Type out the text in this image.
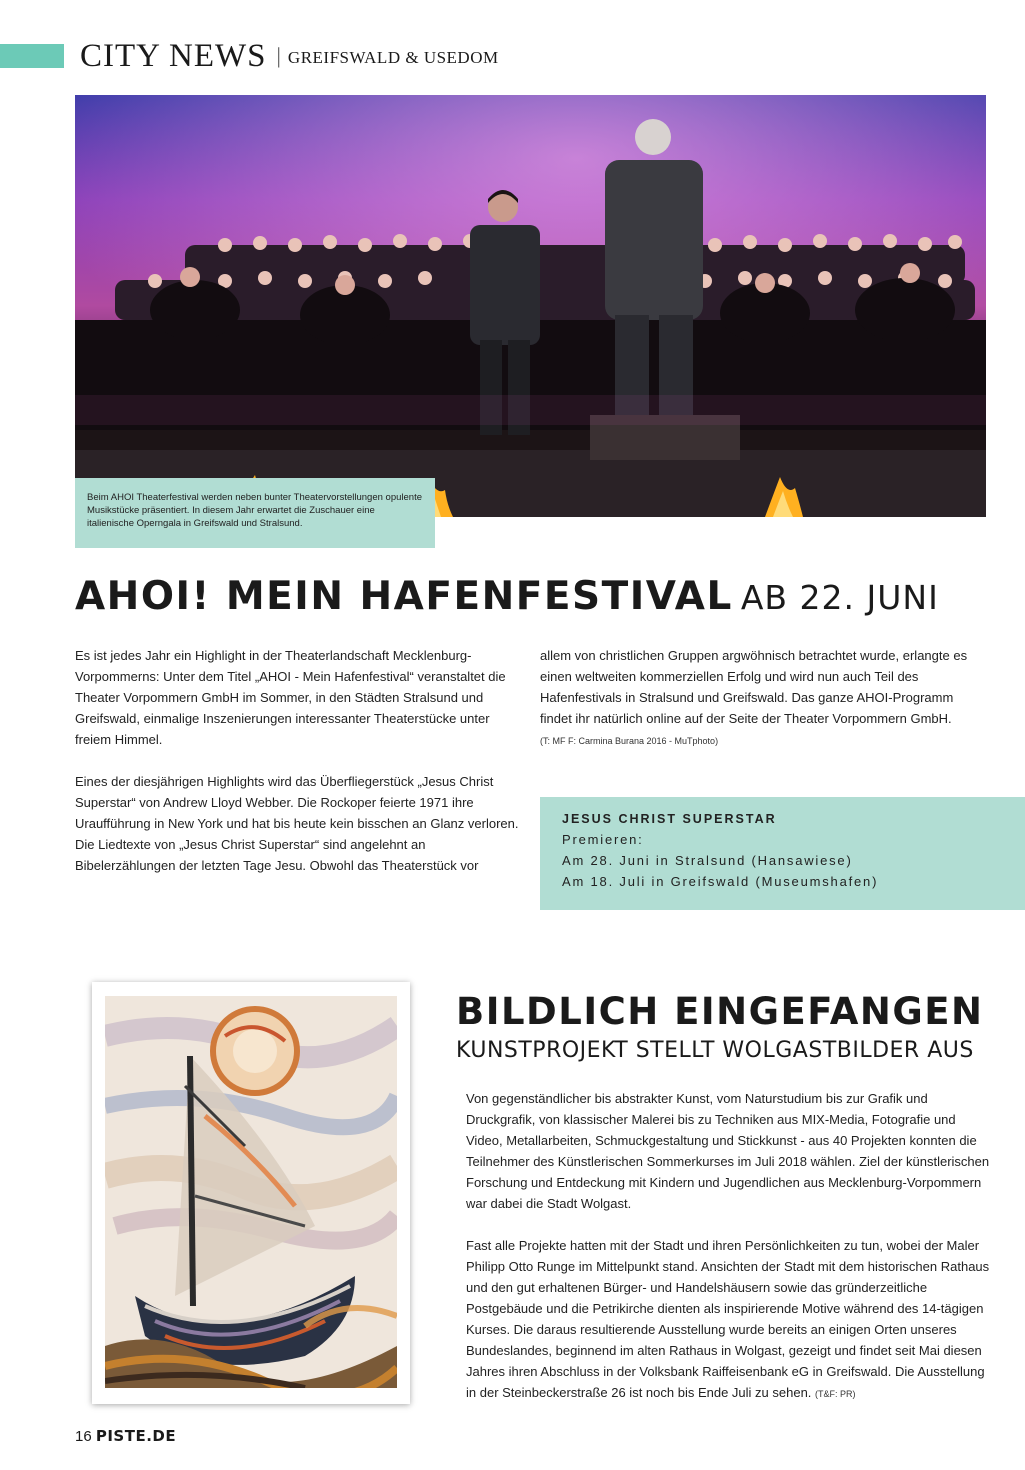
CITY NEWS | GREIFSWALD & USEDOM
Beim AHOI Theaterfestival werden neben bunter Theatervorstellungen opulente Musikstücke präsentiert. In diesem Jahr erwartet die Zuschauer eine italienische Operngala in Greifswald und Stralsund.
AHOI! MEIN HAFENFESTIVAL AB 22. JUNI

Es ist jedes Jahr ein Highlight in der Theaterlandschaft Mecklenburg-Vorpommerns: Unter dem Titel „AHOI - Mein Hafenfestival“ veranstaltet die Theater Vorpommern GmbH im Sommer, in den Städten Stralsund und Greifswald, einmalige Inszenierungen interessanter Theaterstücke unter freiem Himmel.

Eines der diesjährigen Highlights wird das Überfliegerstück „Jesus Christ Superstar“ von Andrew Lloyd Webber. Die Rockoper feierte 1971 ihre Uraufführung in New York und hat bis heute kein bisschen an Glanz verloren. Die Liedtexte von „Jesus Christ Superstar“ sind angelehnt an Bibelerzählungen der letzten Tage Jesu. Obwohl das Theaterstück vor

allem von christlichen Gruppen argwöhnisch betrachtet wurde, erlangte es einen weltweiten kommerziellen Erfolg und wird nun auch Teil des Hafenfestivals in Stralsund und Greifswald. Das ganze AHOI-Programm findet ihr natürlich online auf der Seite der Theater Vorpommern GmbH.

(T: MF F: Carmina Burana 2016 - MuTphoto)
JESUS CHRIST SUPERSTAR
Premieren:
Am 28. Juni in Stralsund (Hansawiese)
Am 18. Juli in Greifswald (Museumshafen)
BILDLICH EINGEFANGEN
KUNSTPROJEKT STELLT WOLGASTBILDER AUS

Von gegenständlicher bis abstrakter Kunst, vom Naturstudium bis zur Grafik und Druckgrafik, von klassischer Malerei bis zu Techniken aus MIX-Media, Fotografie und Video, Metallarbeiten, Schmuckgestaltung und Stickkunst - aus 40 Projekten konnten die Teilnehmer des Künstlerischen Sommerkurses im Juli 2018 wählen. Ziel der künstlerischen Forschung und Entdeckung mit Kindern und Jugendlichen aus Mecklenburg-Vorpommern war dabei die Stadt Wolgast.

Fast alle Projekte hatten mit der Stadt und ihren Persönlichkeiten zu tun, wobei der Maler Philipp Otto Runge im Mittelpunkt stand. Ansichten der Stadt mit dem historischen Rathaus und den gut erhaltenen Bürger- und Handelshäusern sowie das gründerzeitliche Postgebäude und die Petrikirche dienten als inspirierende Motive während des 14-tägigen Kurses. Die daraus resultierende Ausstellung wurde bereits an einigen Orten unseres Bundeslandes, beginnend im alten Rathaus in Wolgast, gezeigt und findet seit Mai diesen Jahres ihren Abschluss in der Volksbank Raiffeisenbank eG in Greifswald. Die Ausstellung in der Steinbeckerstraße 26 ist noch bis Ende Juli zu sehen. (T&F: PR)

16 PISTE.DE
